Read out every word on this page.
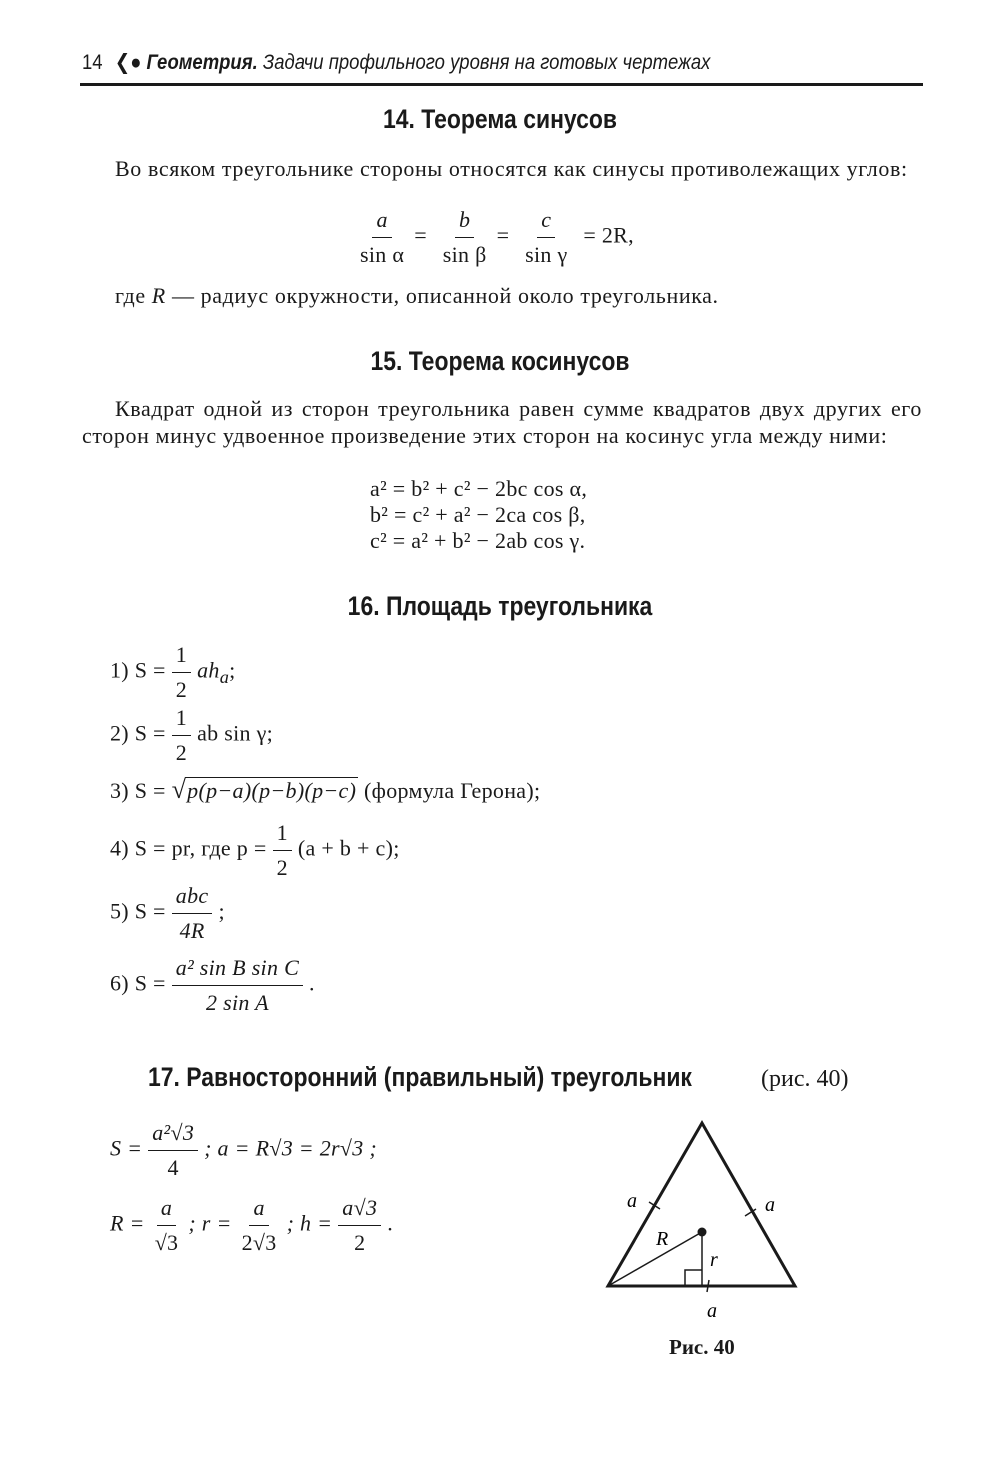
14 ❮● Геометрия. Задачи профильного уровня на готовых чертежах
14. Теорема синусов
Во всяком треугольнике стороны относятся как синусы противолежащих углов:
$\frac{a}{\text{sin α}} = \frac{b}{\text{sin β}} = \frac{c}{\text{sin γ}} = 2R$,
где R — радиус окружности, описанной около треугольника.
15. Теорема косинусов
Квадрат одной из сторон треугольника равен сумме квадратов двух других его сторон минус удвоенное произведение этих сторон на косинус угла между ними:
a² = b² + c² − 2bc cos α,
b² = c² + a² − 2ca cos β,
c² = a² + b² − 2ab cos γ.
16. Площадь треугольника
1) $S = \frac{1}{2} ah_a$;
2) $S = \frac{1}{2}$ ab sin γ;
3) S = √p(p−a)(p−b)(p−c) (формула Герона);
4) S = pr, где $p = \frac{1}{2} (a + b + c)$;
5) S =
abc
4R
;
6) $S = \frac{\text{a² sin B sin C}}{\text{2 sin A}}$ .
17. Равносторонний (правильный) треугольник	(рис. 40)
$S = \frac{\text{a²√3}}{4}$ ; a = R√3 = 2r√3 ;
$R = \frac{a}{√3}$ ; $r = \frac{a}{2√3}$ ; $h = \frac{a√3}{2}$ .
a	a
a
R
r
Рис. 40
